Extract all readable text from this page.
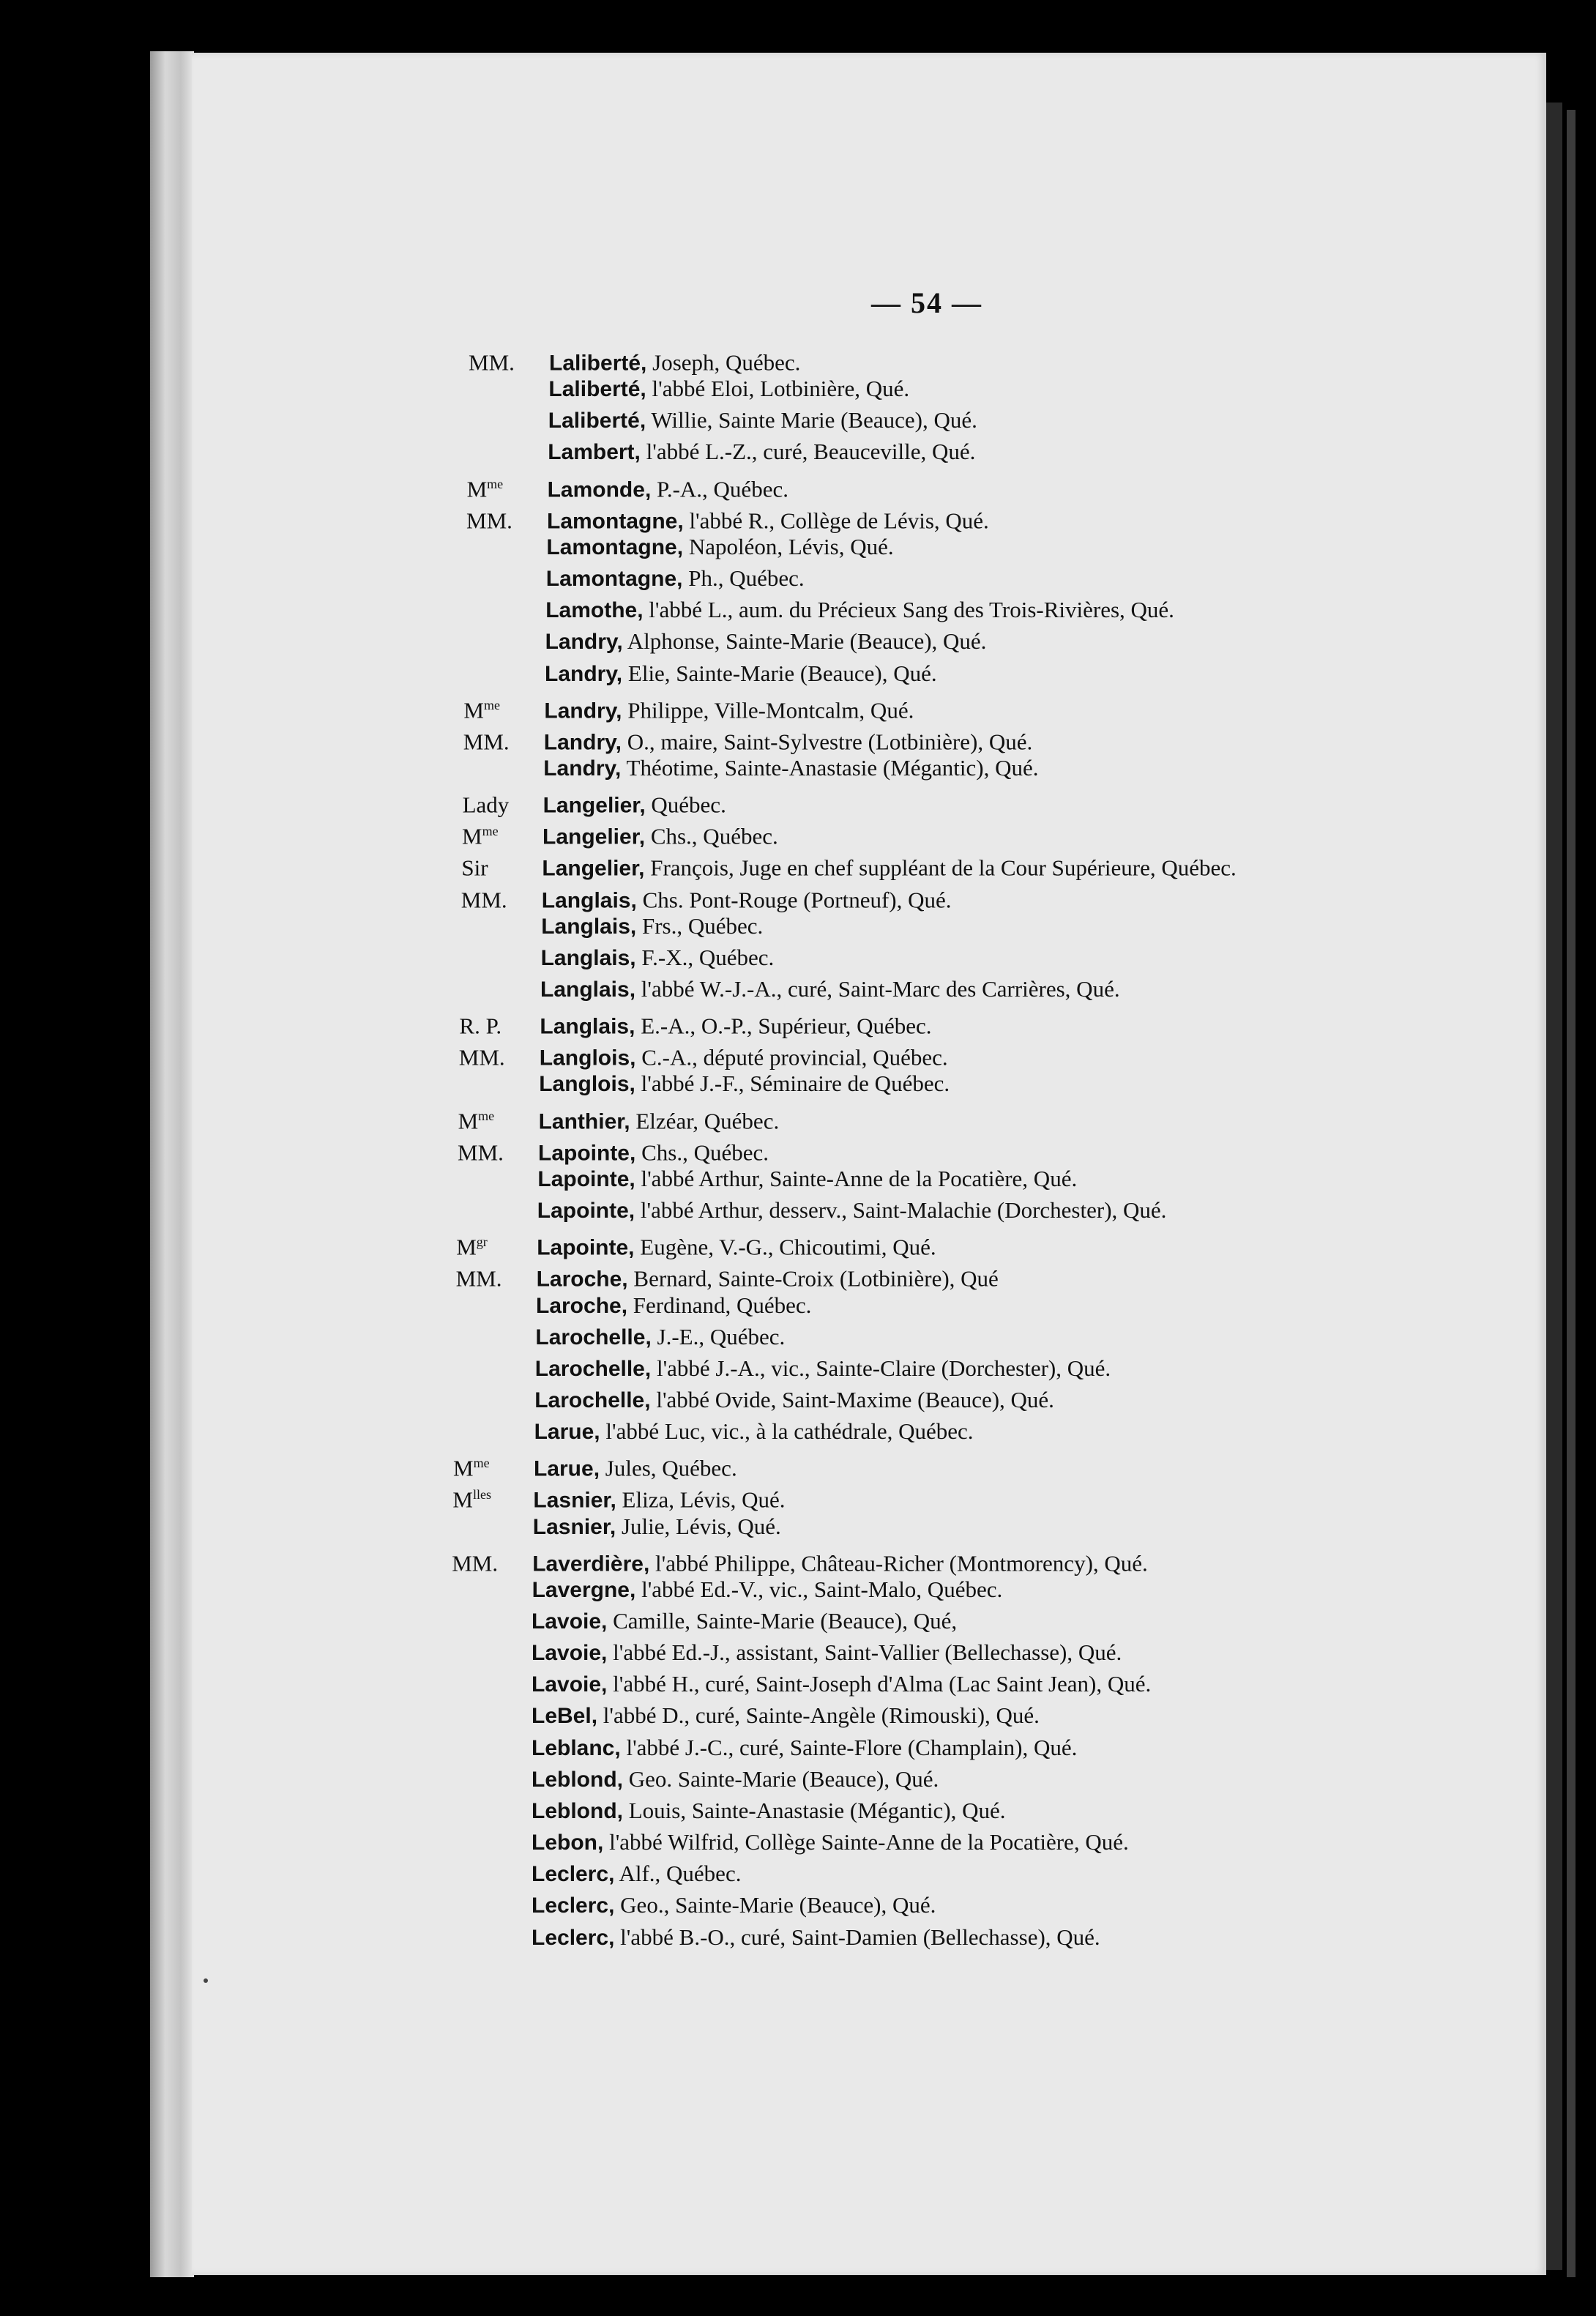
— 54 —
MM. Laliberté, Joseph, Québec.
Laliberté, l'abbé Eloi, Lotbinière, Qué.
Laliberté, Willie, Sainte Marie (Beauce), Qué.
Lambert, l'abbé L.-Z., curé, Beauceville, Qué.
$M^{me}$ Lamonde, P.-A., Québec.
MM. Lamontagne, l'abbé R., Collège de Lévis, Qué.
Lamontagne, Napoléon, Lévis, Qué.
Lamontagne, Ph., Québec.
Lamothe, l'abbé L., aum. du Précieux Sang des Trois-Rivières, Qué.
Landry, Alphonse, Sainte-Marie (Beauce), Qué.
Landry, Elie, Sainte-Marie (Beauce), Qué.
$M^{me}$ Landry, Philippe, Ville-Montcalm, Qué.
MM. Landry, O., maire, Saint-Sylvestre (Lotbinière), Qué.
Landry, Théotime, Sainte-Anastasie (Mégantic), Qué.
Lady Langelier, Québec.
$M^{me}$ Langelier, Chs., Québec.
Sir Langelier, François, Juge en chef suppléant de la Cour Supérieure, Québec.
MM. Langlais, Chs. Pont-Rouge (Portneuf), Qué.
Langlais, Frs., Québec.
Langlais, F.-X., Québec.
Langlais, l'abbé W.-J.-A., curé, Saint-Marc des Carrières, Qué.
R. P. Langlais, E.-A., O.-P., Supérieur, Québec.
MM. Langlois, C.-A., député provincial, Québec.
Langlois, l'abbé J.-F., Séminaire de Québec.
$M^{me}$ Lanthier, Elzéar, Québec.
MM. Lapointe, Chs., Québec.
Lapointe, l'abbé Arthur, Sainte-Anne de la Pocatière, Qué.
Lapointe, l'abbé Arthur, desserv., Saint-Malachie (Dorchester), Qué.
$M^{gr}$ Lapointe, Eugène, V.-G., Chicoutimi, Qué.
MM. Laroche, Bernard, Sainte-Croix (Lotbinière), Qué
Laroche, Ferdinand, Québec.
Larochelle, J.-E., Québec.
Larochelle, l'abbé J.-A., vic., Sainte-Claire (Dorchester), Qué.
Larochelle, l'abbé Ovide, Saint-Maxime (Beauce), Qué.
Larue, l'abbé Luc, vic., à la cathédrale, Québec.
$M^{me}$ Larue, Jules, Québec.
$M^{lles}$ Lasnier, Eliza, Lévis, Qué.
Lasnier, Julie, Lévis, Qué.
MM. Laverdière, l'abbé Philippe, Château-Richer (Montmorency), Qué.
Lavergne, l'abbé Ed.-V., vic., Saint-Malo, Québec.
Lavoie, Camille, Sainte-Marie (Beauce), Qué,
Lavoie, l'abbé Ed.-J., assistant, Saint-Vallier (Bellechasse), Qué.
Lavoie, l'abbé H., curé, Saint-Joseph d'Alma (Lac Saint Jean), Qué.
LeBel, l'abbé D., curé, Sainte-Angèle (Rimouski), Qué.
Leblanc, l'abbé J.-C., curé, Sainte-Flore (Champlain), Qué.
Leblond, Geo. Sainte-Marie (Beauce), Qué.
Leblond, Louis, Sainte-Anastasie (Mégantic), Qué.
Lebon, l'abbé Wilfrid, Collège Sainte-Anne de la Pocatière, Qué.
Leclerc, Alf., Québec.
Leclerc, Geo., Sainte-Marie (Beauce), Qué.
Leclerc, l'abbé B.-O., curé, Saint-Damien (Bellechasse), Qué.
